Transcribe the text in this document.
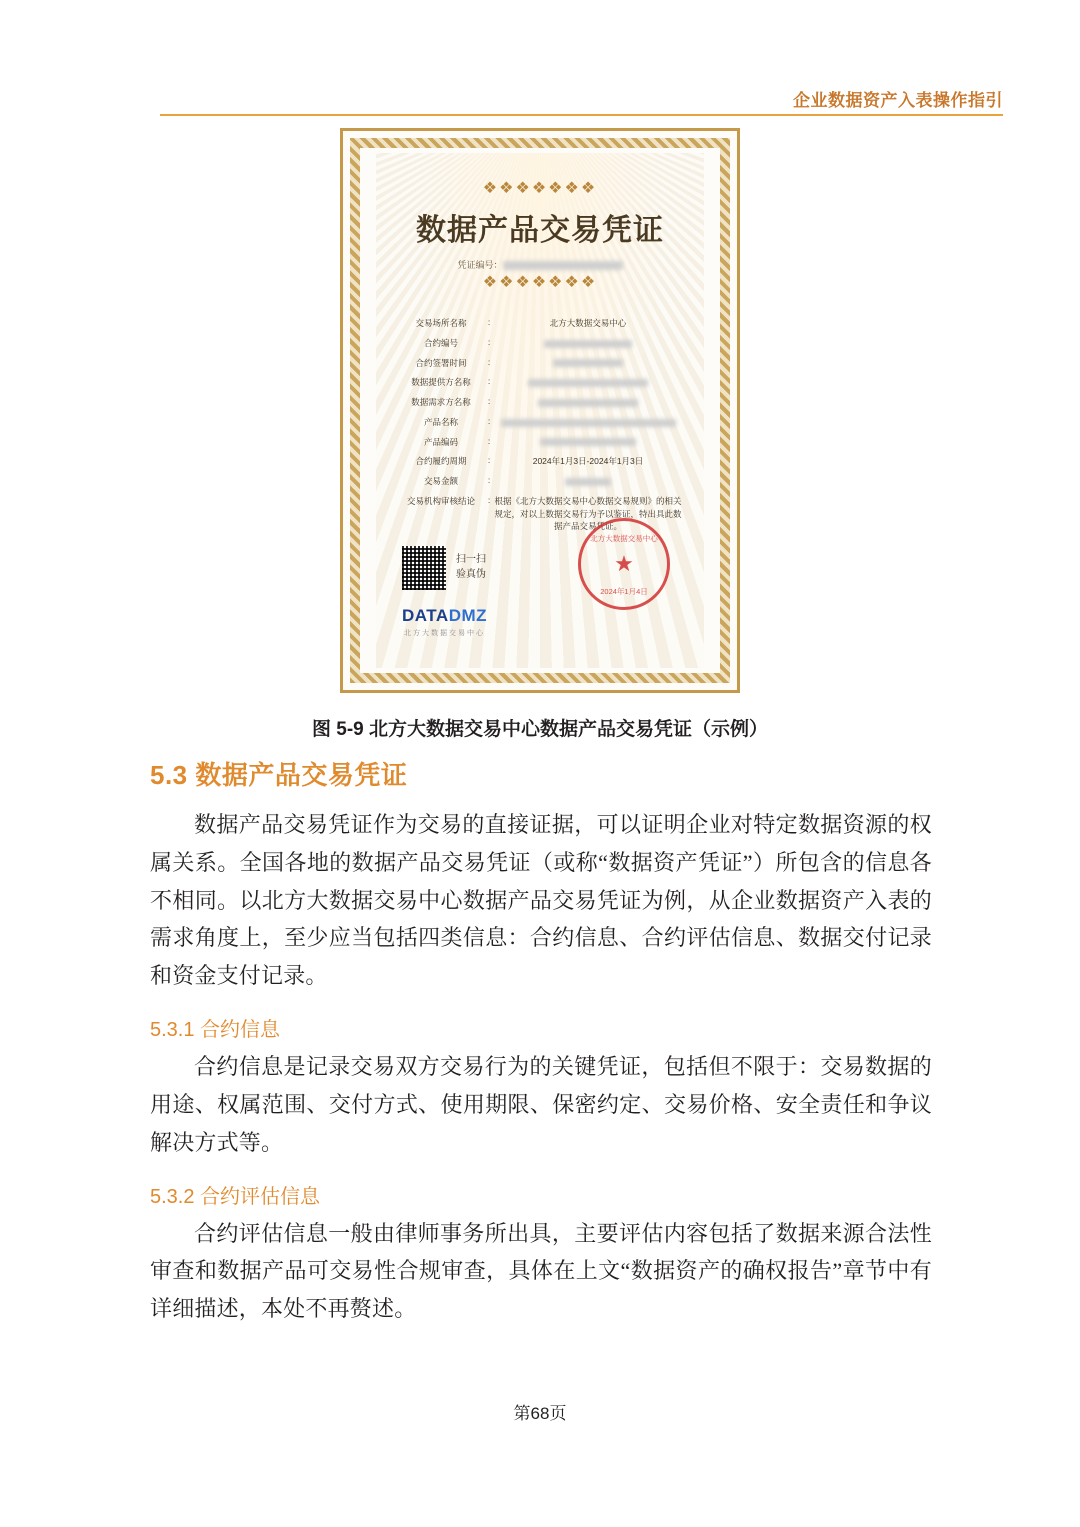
企业数据资产入表操作指引
❖❖❖❖❖❖❖
数据产品交易凭证
凭证编号：
❖❖❖❖❖❖❖
交易场所名称	:	北方大数据交易中心
合约编号	:
合约签署时间	:
数据提供方名称	:
数据需求方名称	:
产品名称	:
产品编码	:
合约履约周期	:	2024年1月3日-2024年1月3日
交易金额	:
交易机构审核结论	: 根据《北方大数据交易中心数据交易规则》的相关规定，对以上数据交易行为予以鉴证，特出具此数据产品交易凭证。
扫一扫
验真伪
DATADMZ
北方大数据交易中心
北方大数据交易中心
★
2024年1月4日
图 5-9 北方大数据交易中心数据产品交易凭证（示例）
5.3 数据产品交易凭证

数据产品交易凭证作为交易的直接证据，可以证明企业对特定数据资源的权属关系。全国各地的数据产品交易凭证（或称“数据资产凭证”）所包含的信息各不相同。以北方大数据交易中心数据产品交易凭证为例，从企业数据资产入表的需求角度上，至少应当包括四类信息：合约信息、合约评估信息、数据交付记录和资金支付记录。

5.3.1 合约信息

合约信息是记录交易双方交易行为的关键凭证，包括但不限于：交易数据的用途、权属范围、交付方式、使用期限、保密约定、交易价格、安全责任和争议解决方式等。

5.3.2 合约评估信息

合约评估信息一般由律师事务所出具，主要评估内容包括了数据来源合法性审查和数据产品可交易性合规审查，具体在上文“数据资产的确权报告”章节中有详细描述，本处不再赘述。

第68页
